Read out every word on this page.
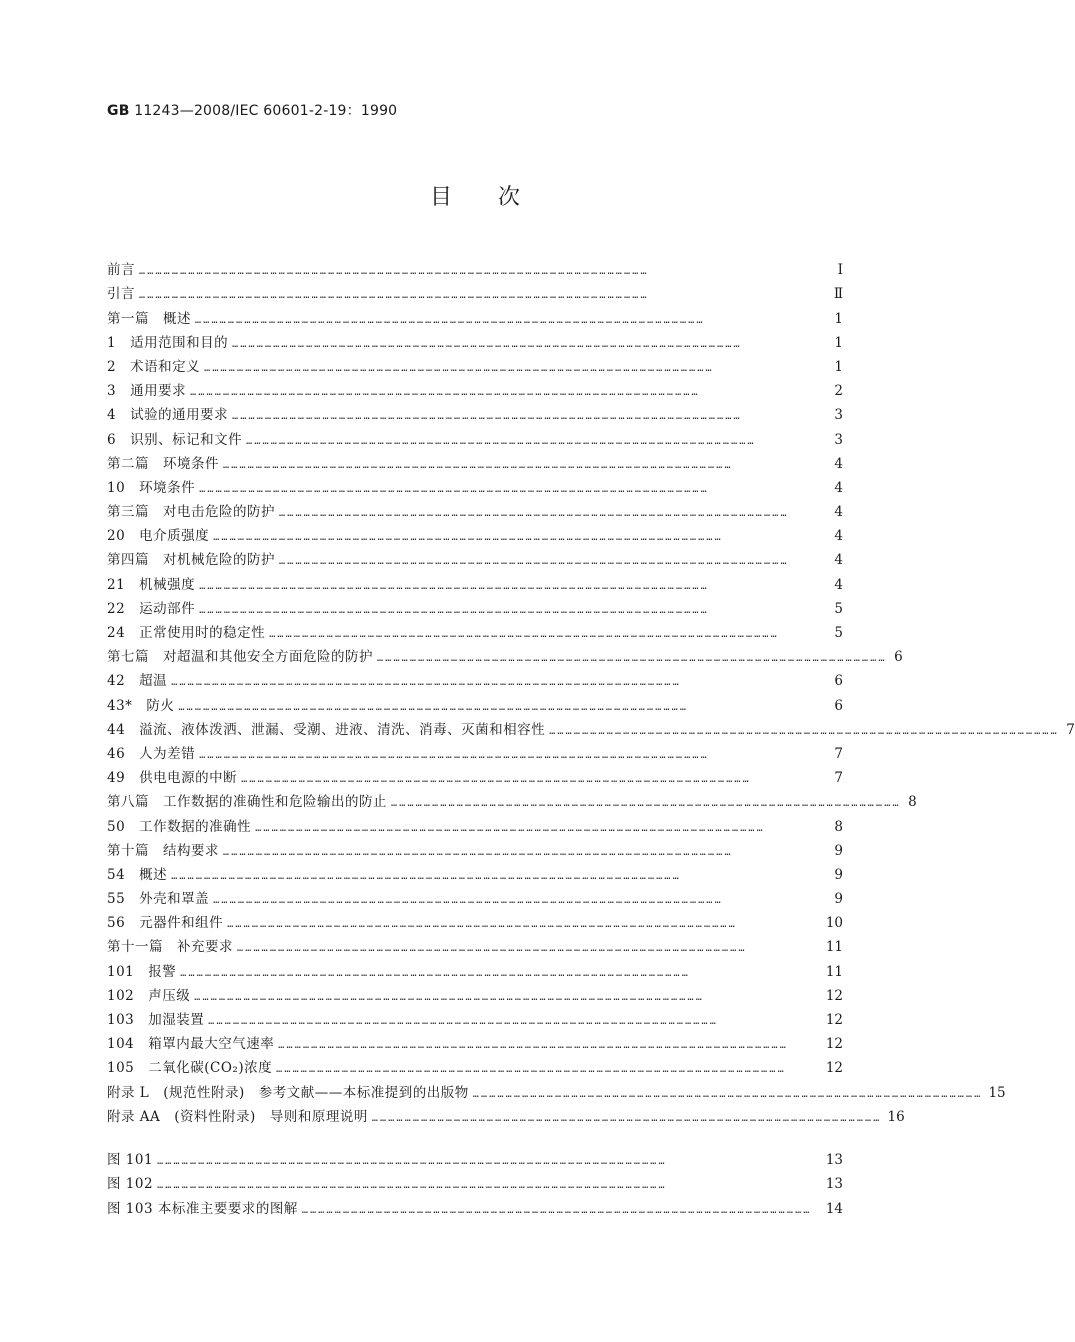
GB 11243—2008/IEC 60601-2-19：1990
目次
前言 ……………………………………………………………………………………………………………………………………………………………………	Ⅰ
引言 ……………………………………………………………………………………………………………………………………………………………………	Ⅱ
第一篇　概述 ……………………………………………………………………………………………………………………………………………………………………	1
1　适用范围和目的 ……………………………………………………………………………………………………………………………………………………………………	1
2　术语和定义 ……………………………………………………………………………………………………………………………………………………………………	1
3　通用要求 ……………………………………………………………………………………………………………………………………………………………………	2
4　试验的通用要求 ……………………………………………………………………………………………………………………………………………………………………	3
6　识别、标记和文件 ……………………………………………………………………………………………………………………………………………………………………	3
第二篇　环境条件 ……………………………………………………………………………………………………………………………………………………………………	4
10　环境条件 ……………………………………………………………………………………………………………………………………………………………………	4
第三篇　对电击危险的防护 ……………………………………………………………………………………………………………………………………………………………………	4
20　电介质强度 ……………………………………………………………………………………………………………………………………………………………………	4
第四篇　对机械危险的防护 ……………………………………………………………………………………………………………………………………………………………………	4
21　机械强度 ……………………………………………………………………………………………………………………………………………………………………	4
22　运动部件 ……………………………………………………………………………………………………………………………………………………………………	5
24　正常使用时的稳定性 ……………………………………………………………………………………………………………………………………………………………………	5
第七篇　对超温和其他安全方面危险的防护 …………………………………………………………………………………………………………………………………………………………………… 6
42　超温 ……………………………………………………………………………………………………………………………………………………………………	6
43*　防火 ……………………………………………………………………………………………………………………………………………………………………	6
44　溢流、液体泼洒、泄漏、受潮、进液、清洗、消毒、灭菌和相容性 …………………………………………………………………………………………………………………………………………………………………… 7
46　人为差错 ……………………………………………………………………………………………………………………………………………………………………	7
49　供电电源的中断 ……………………………………………………………………………………………………………………………………………………………………	7
第八篇　工作数据的准确性和危险输出的防止 …………………………………………………………………………………………………………………………………………………………………… 8
50　工作数据的准确性 ……………………………………………………………………………………………………………………………………………………………………	8
第十篇　结构要求 ……………………………………………………………………………………………………………………………………………………………………	9
54　概述 ……………………………………………………………………………………………………………………………………………………………………	9
55　外壳和罩盖 ……………………………………………………………………………………………………………………………………………………………………	9
56　元器件和组件 ……………………………………………………………………………………………………………………………………………………………………	10
第十一篇　补充要求 ……………………………………………………………………………………………………………………………………………………………………	11
101　报警 ……………………………………………………………………………………………………………………………………………………………………	11
102　声压级 ……………………………………………………………………………………………………………………………………………………………………	12
103　加湿装置 ……………………………………………………………………………………………………………………………………………………………………	12
104　箱罩内最大空气速率 ……………………………………………………………………………………………………………………………………………………………………	12
105　二氧化碳(CO₂)浓度 ……………………………………………………………………………………………………………………………………………………………………	12
附录 L　(规范性附录)　参考文献——本标准提到的出版物 …………………………………………………………………………………………………………………………………………………………………… 15
附录 AA　(资料性附录)　导则和原理说明 …………………………………………………………………………………………………………………………………………………………………… 16
图 101 ……………………………………………………………………………………………………………………………………………………………………	13
图 102 ……………………………………………………………………………………………………………………………………………………………………	13
图 103 本标准主要要求的图解 ……………………………………………………………………………………………………………………………………………………………………	14
